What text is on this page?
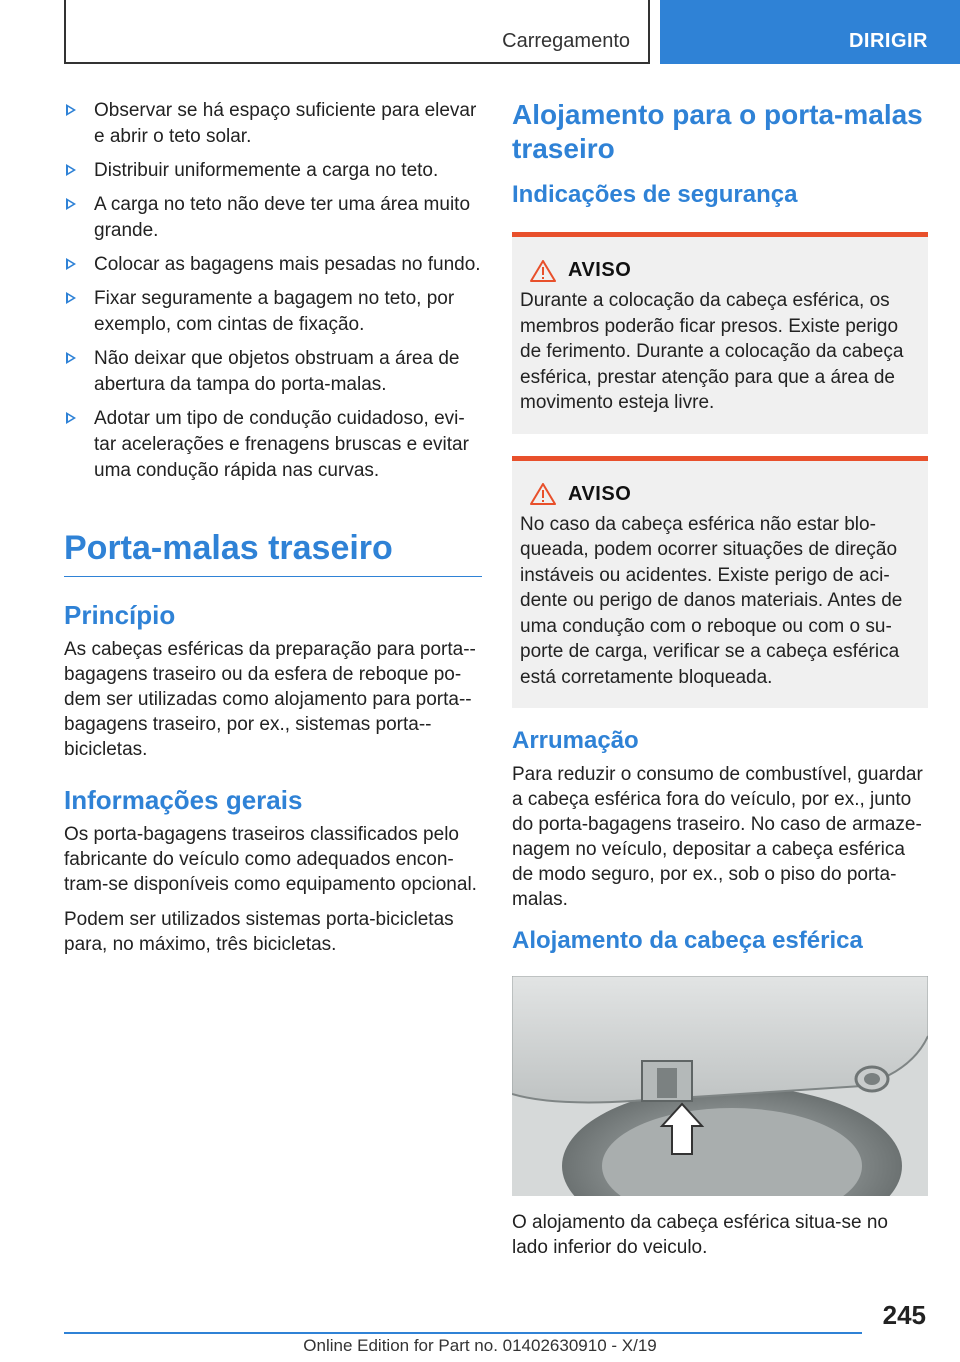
Carregamento	DIRIGIR
Observar se há espaço suficiente para elevar e abrir o teto solar.
Distribuir uniformemente a carga no teto.
A carga no teto não deve ter uma área muito grande.
Colocar as bagagens mais pesadas no fundo.
Fixar seguramente a bagagem no teto, por exemplo, com cintas de fixação.
Não deixar que objetos obstruam a área de abertura da tampa do porta-malas.
Adotar um tipo de condução cuidadoso, evi-tar acelerações e frenagens bruscas e evitar uma condução rápida nas curvas.
Porta-malas traseiro
Princípio

As cabeças esféricas da preparação para porta--bagagens traseiro ou da esfera de reboque po-dem ser utilizadas como alojamento para porta--bagagens traseiro, por ex., sistemas porta--bicicletas.

Informações gerais

Os porta-bagagens traseiros classificados pelo fabricante do veículo como adequados encon-tram-se disponíveis como equipamento opcional.

Podem ser utilizados sistemas porta-bicicletas para, no máximo, três bicicletas.

Alojamento para o porta-malas traseiro
Indicações de segurança
AVISO
Durante a colocação da cabeça esférica, os membros poderão ficar presos. Existe perigo de ferimento. Durante a colocação da cabeça esférica, prestar atenção para que a área de movimento esteja livre.
AVISO
No caso da cabeça esférica não estar blo-queada, podem ocorrer situações de direção instáveis ou acidentes. Existe perigo de aci-dente ou perigo de danos materiais. Antes de uma condução com o reboque ou com o su-porte de carga, verificar se a cabeça esférica está corretamente bloqueada.
Arrumação

Para reduzir o consumo de combustível, guardar a cabeça esférica fora do veículo, por ex., junto do porta-bagagens traseiro. No caso de armaze-nagem no veículo, depositar a cabeça esférica de modo seguro, por ex., sob o piso do porta-malas.

Alojamento da cabeça esférica

O alojamento da cabeça esférica situa-se no lado inferior do veiculo.

245
Online Edition for Part no. 01402630910 - X/19
